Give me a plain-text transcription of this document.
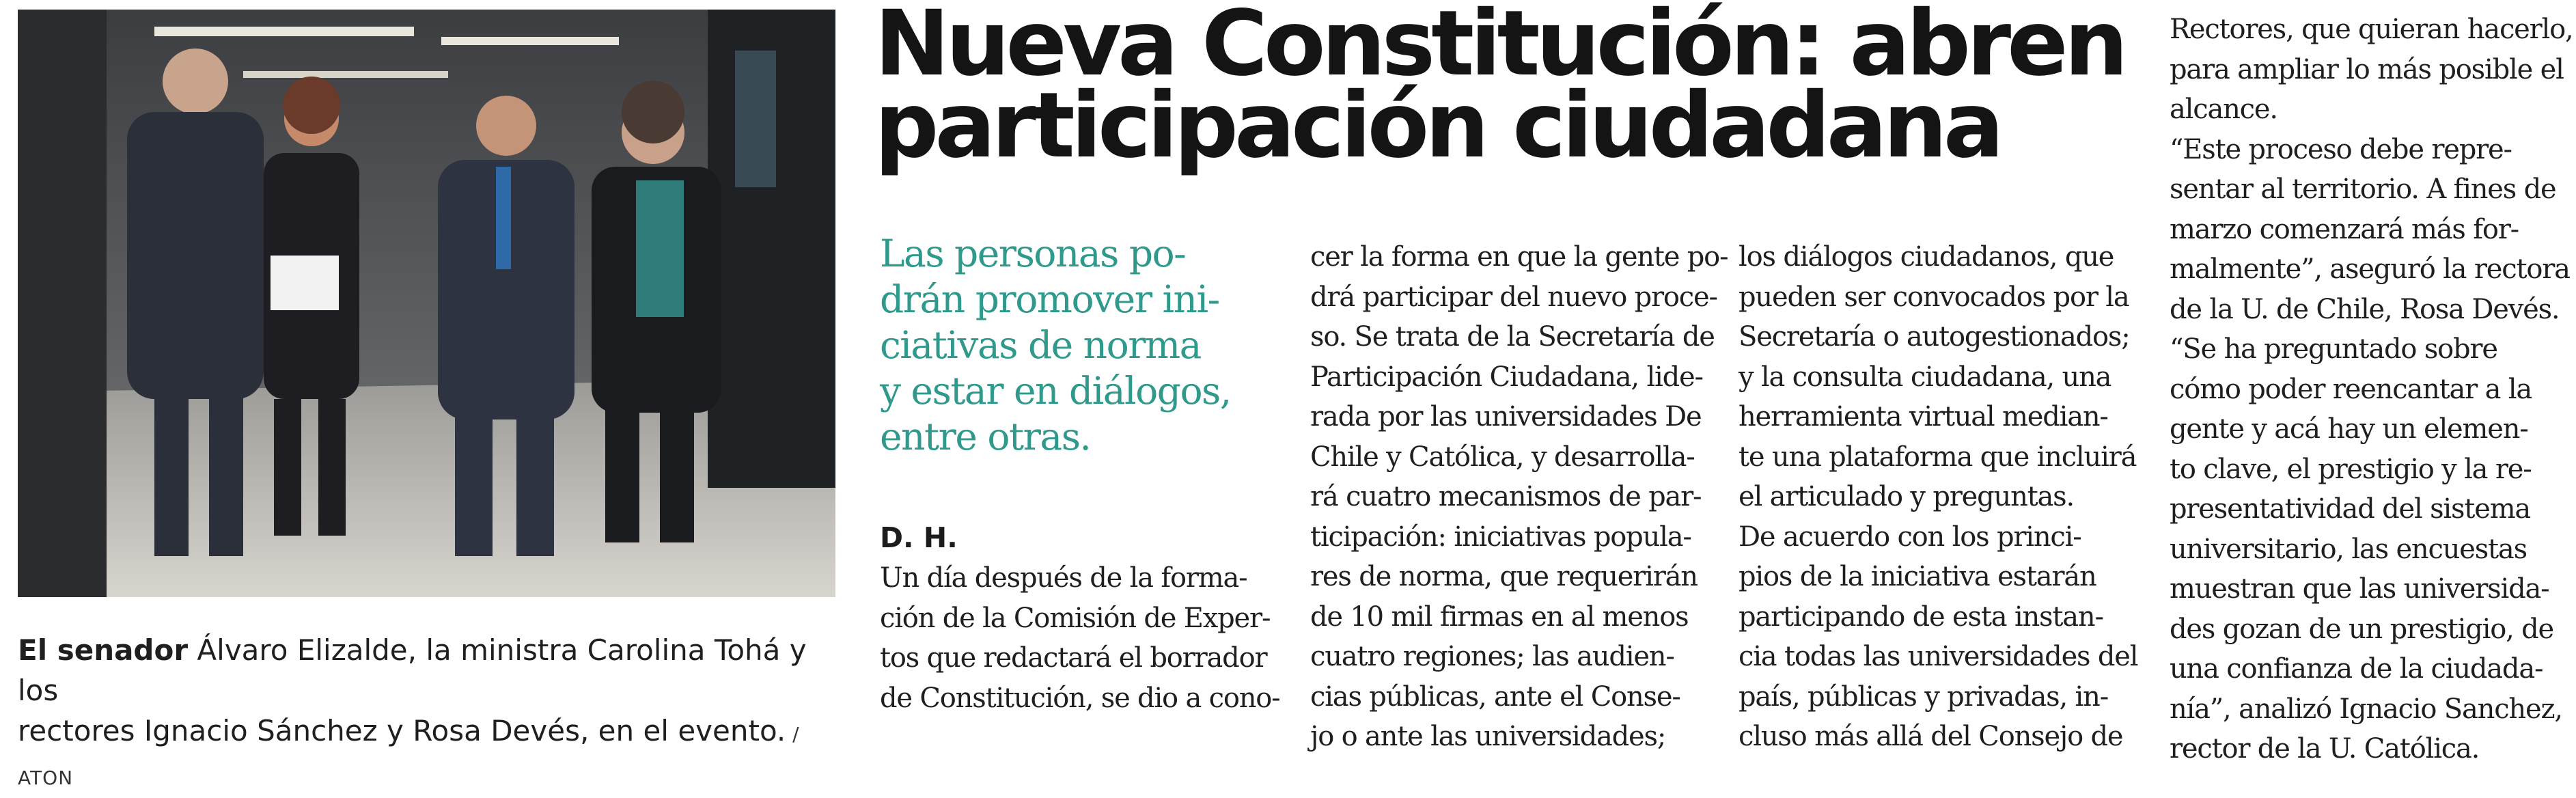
El senador Álvaro Elizalde, la ministra Carolina Tohá y los
rectores Ignacio Sánchez y Rosa Devés, en el evento. / ATON
Nueva Constitución: abren
participación ciudadana
Las personas po-
drán promover ini-
ciativas de norma
y estar en diálogos,
entre otras.
D. H.
Un día después de la forma-
ción de la Comisión de Exper-
tos que redactará el borrador
de Constitución, se dio a cono-
cer la forma en que la gente po-
drá participar del nuevo proce-
so. Se trata de la Secretaría de
Participación Ciudadana, lide-
rada por las universidades De
Chile y Católica, y desarrolla-
rá cuatro mecanismos de par-
ticipación: iniciativas popula-
res de norma, que requerirán
de 10 mil firmas en al menos
cuatro regiones; las audien-
cias públicas, ante el Conse-
jo o ante las universidades;
los diálogos ciudadanos, que
pueden ser convocados por la
Secretaría o autogestionados;
y la consulta ciudadana, una
herramienta virtual median-
te una plataforma que incluirá
el articulado y preguntas.
De acuerdo con los princi-
pios de la iniciativa estarán
participando de esta instan-
cia todas las universidades del
país, públicas y privadas, in-
cluso más allá del Consejo de
Rectores, que quieran hacerlo,
para ampliar lo más posible el
alcance.
“Este proceso debe repre-
sentar al territorio. A fines de
marzo comenzará más for-
malmente”, aseguró la rectora
de la U. de Chile, Rosa Devés.
“Se ha preguntado sobre
cómo poder reencantar a la
gente y acá hay un elemen-
to clave, el prestigio y la re-
presentatividad del sistema
universitario, las encuestas
muestran que las universida-
des gozan de un prestigio, de
una confianza de la ciudada-
nía”, analizó Ignacio Sanchez,
rector de la U. Católica.
